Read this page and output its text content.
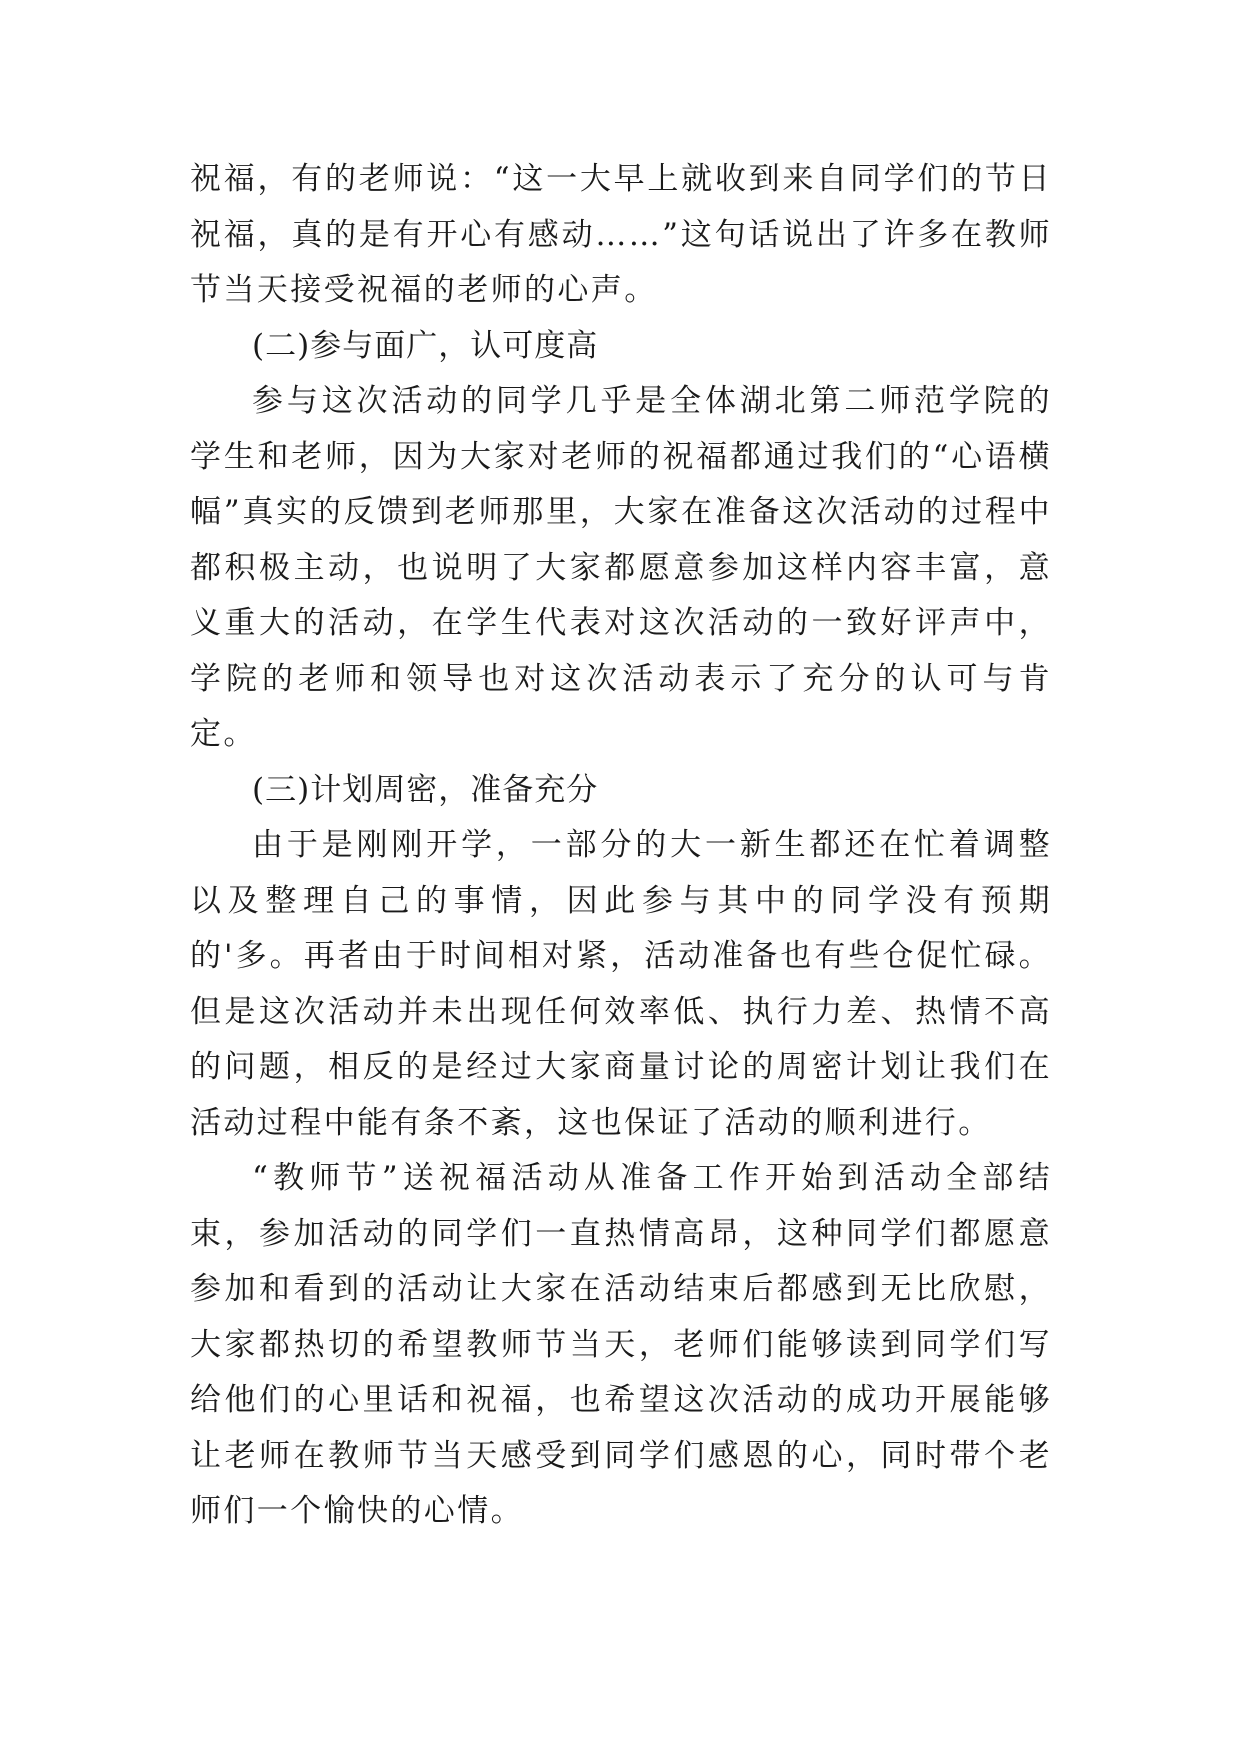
祝福，有的老师说：“这一大早上就收到来自同学们的节日祝福，真的是有开心有感动……”这句话说出了许多在教师节当天接受祝福的老师的心声。

(二)参与面广，认可度高

参与这次活动的同学几乎是全体湖北第二师范学院的学生和老师，因为大家对老师的祝福都通过我们的“心语横幅”真实的反馈到老师那里，大家在准备这次活动的过程中都积极主动，也说明了大家都愿意参加这样内容丰富，意义重大的活动，在学生代表对这次活动的一致好评声中，学院的老师和领导也对这次活动表示了充分的认可与肯定。

(三)计划周密，准备充分

由于是刚刚开学，一部分的大一新生都还在忙着调整以及整理自己的事情，因此参与其中的同学没有预期的'多。再者由于时间相对紧，活动准备也有些仓促忙碌。但是这次活动并未出现任何效率低、执行力差、热情不高的问题，相反的是经过大家商量讨论的周密计划让我们在活动过程中能有条不紊，这也保证了活动的顺利进行。

“教师节”送祝福活动从准备工作开始到活动全部结束，参加活动的同学们一直热情高昂，这种同学们都愿意参加和看到的活动让大家在活动结束后都感到无比欣慰，大家都热切的希望教师节当天，老师们能够读到同学们写给他们的心里话和祝福，也希望这次活动的成功开展能够让老师在教师节当天感受到同学们感恩的心，同时带个老师们一个愉快的心情。
